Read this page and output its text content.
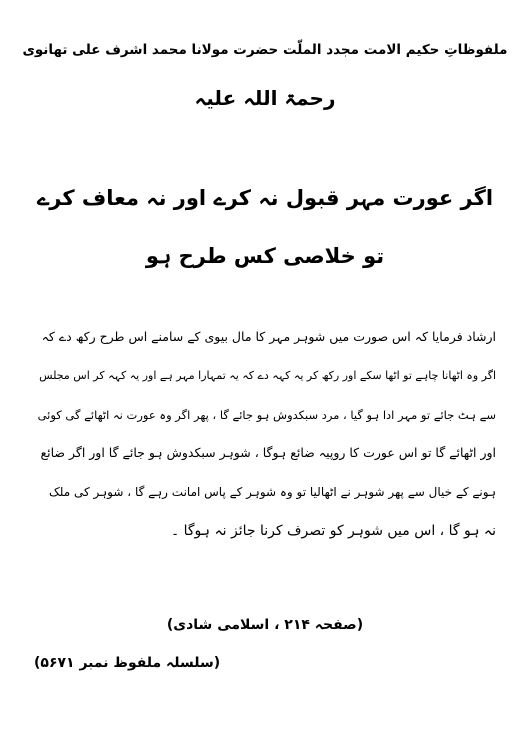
ملفوظاتِ حکیم الامت مجدد الملّت حضرت مولانا محمد اشرف علی تھانوی
رحمۃ اللہ علیہ
اگر عورت مہر قبول نہ کرے اور نہ معاف کرے
تو خلاصی کس طرح ہو
ارشاد فرمایا کہ اس صورت میں شوہر مہر کا مال بیوی کے سامنے اس طرح رکھ دے کہ
اگر وہ اٹھانا چاہے تو اٹھا سکے اور رکھ کر یہ کہہ دے کہ یہ تمہارا مہر ہے اور یہ کہہ کر اس مجلس
سے ہٹ جائے تو مہر ادا ہو گیا ، مرد سبکدوش ہو جائے گا ، پھر اگر وہ عورت نہ اٹھائے گی کوئی
اور اٹھائے گا تو اس عورت کا روپیہ ضائع ہوگا ، شوہر سبکدوش ہو جائے گا اور اگر ضائع
ہونے کے خیال سے پھر شوہر نے اٹھالیا تو وہ شوہر کے پاس امانت رہے گا ، شوہر کی ملک
نہ ہو گا ، اس میں شوہر کو تصرف کرنا جائز نہ ہوگا ۔
(صفحہ ۲۱۴ ، اسلامی شادی)
(سلسلہ ملفوظ نمبر ۵۶۷۱)
